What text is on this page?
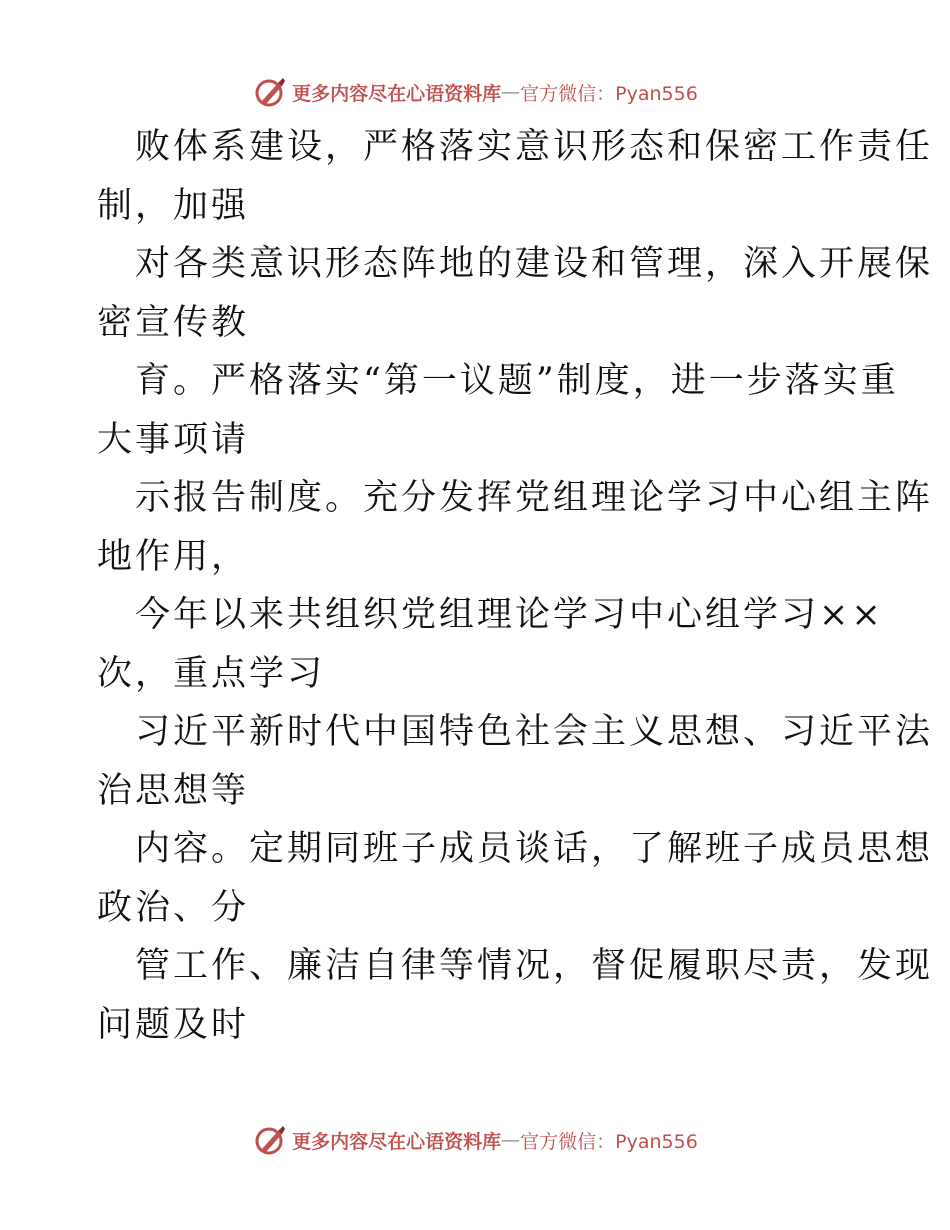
更多内容尽在心语资料库 — 官方微信：Pyan556
败体系建设，严格落实意识形态和保密工作责任
制，加强
对各类意识形态阵地的建设和管理，深入开展保
密宣传教
育。严格落实“第一议题”制度，进一步落实重
大事项请
示报告制度。充分发挥党组理论学习中心组主阵
地作用，
今年以来共组织党组理论学习中心组学习××
次，重点学习
习近平新时代中国特色社会主义思想、习近平法
治思想等
内容。定期同班子成员谈话，了解班子成员思想
政治、分
管工作、廉洁自律等情况，督促履职尽责，发现
问题及时
更多内容尽在心语资料库 — 官方微信：Pyan556
